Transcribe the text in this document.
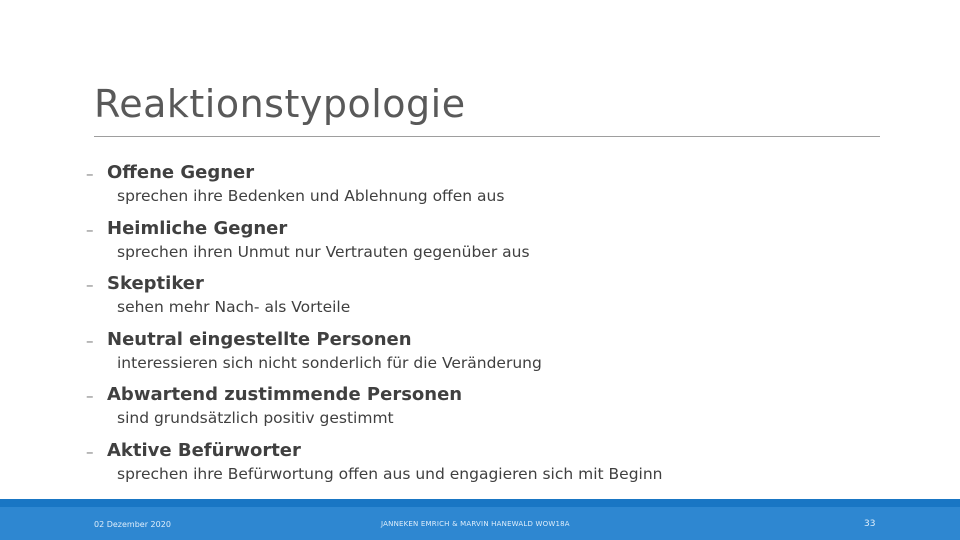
Reaktionstypologie
– Offene Gegner
sprechen ihre Bedenken und Ablehnung offen aus
– Heimliche Gegner
sprechen ihren Unmut nur Vertrauten gegenüber aus
– Skeptiker
sehen mehr Nach- als Vorteile
– Neutral eingestellte Personen
interessieren sich nicht sonderlich für die Veränderung
– Abwartend zustimmende Personen
sind grundsätzlich positiv gestimmt
– Aktive Befürworter
sprechen ihre Befürwortung offen aus und engagieren sich mit Beginn
02 Dezember 2020	JANNEKEN EMRICH & MARVIN HANEWALD WOW18A	33
